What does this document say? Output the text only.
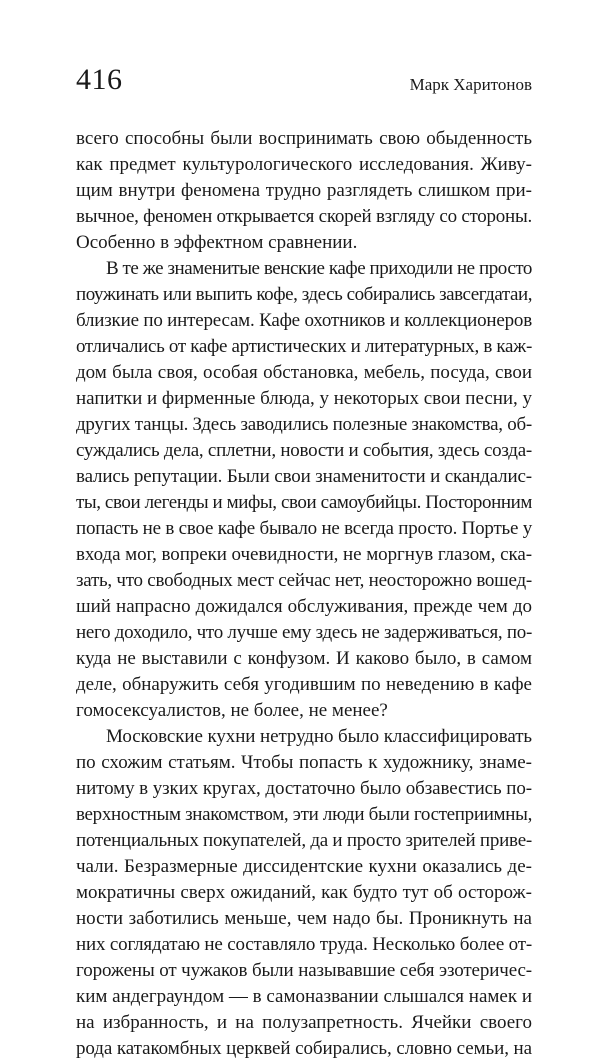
416	Марк Харитонов
всего способны были воспринимать свою обыденность
как предмет культурологического исследования. Живу-
щим внутри феномена трудно разглядеть слишком при-
вычное, феномен открывается скорей взгляду со стороны.
Особенно в эффектном сравнении.
В те же знаменитые венские кафе приходили не просто
поужинать или выпить кофе, здесь собирались завсегдатаи,
близкие по интересам. Кафе охотников и коллекционеров
отличались от кафе артистических и литературных, в каж-
дом была своя, особая обстановка, мебель, посуда, свои
напитки и фирменные блюда, у некоторых свои песни, у
других танцы. Здесь заводились полезные знакомства, об-
суждались дела, сплетни, новости и события, здесь созда-
вались репутации. Были свои знаменитости и скандалис-
ты, свои легенды и мифы, свои самоубийцы. Посторонним
попасть не в свое кафе бывало не всегда просто. Портье у
входа мог, вопреки очевидности, не моргнув глазом, ска-
зать, что свободных мест сейчас нет, неосторожно вошед-
ший напрасно дожидался обслуживания, прежде чем до
него доходило, что лучше ему здесь не задерживаться, по-
куда не выставили с конфузом. И каково было, в самом
деле, обнаружить себя угодившим по неведению в кафе
гомосексуалистов, не более, не менее?
Московские кухни нетрудно было классифицировать
по схожим статьям. Чтобы попасть к художнику, знаме-
нитому в узких кругах, достаточно было обзавестись по-
верхностным знакомством, эти люди были гостеприимны,
потенциальных покупателей, да и просто зрителей привe-
чали. Безразмерные диссидентские кухни оказались де-
мократичны сверх ожиданий, как будто тут об осторож-
ности заботились меньше, чем надо бы. Проникнуть на
них соглядатаю не составляло труда. Несколько более от-
горожены от чужаков были называвшие себя эзотеричес-
ким андеграундом — в самоназвании слышался намек и
на избранность, и на полузапретность. Ячейки своего
рода катакомбных церквей собирались, словно семьи, на
